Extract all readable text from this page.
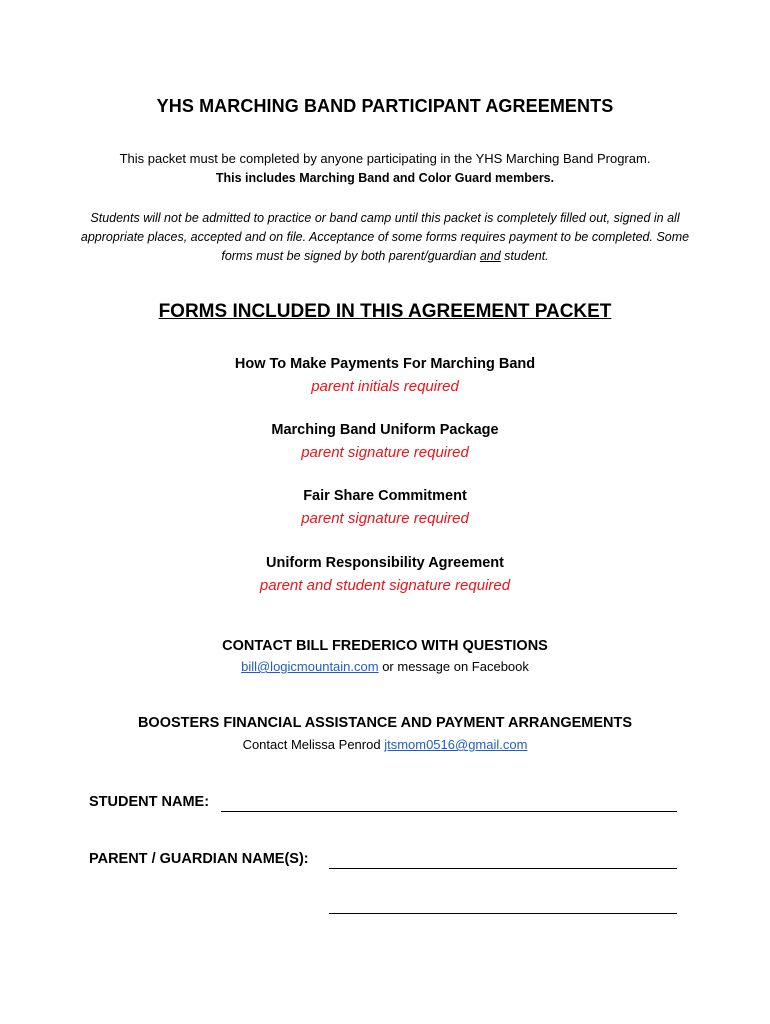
YHS MARCHING BAND PARTICIPANT AGREEMENTS
This packet must be completed by anyone participating in the YHS Marching Band Program.
This includes Marching Band and Color Guard members.
Students will not be admitted to practice or band camp until this packet is completely filled out, signed in all appropriate places, accepted and on file. Acceptance of some forms requires payment to be completed. Some forms must be signed by both parent/guardian and student.
FORMS INCLUDED IN THIS AGREEMENT PACKET
How To Make Payments For Marching Band
parent initials required
Marching Band Uniform Package
parent signature required
Fair Share Commitment
parent signature required
Uniform Responsibility Agreement
parent and student signature required
CONTACT BILL FREDERICO WITH QUESTIONS
bill@logicmountain.com or message on Facebook
BOOSTERS FINANCIAL ASSISTANCE AND PAYMENT ARRANGEMENTS
Contact Melissa Penrod jtsmom0516@gmail.com
STUDENT NAME:
PARENT / GUARDIAN NAME(S):
